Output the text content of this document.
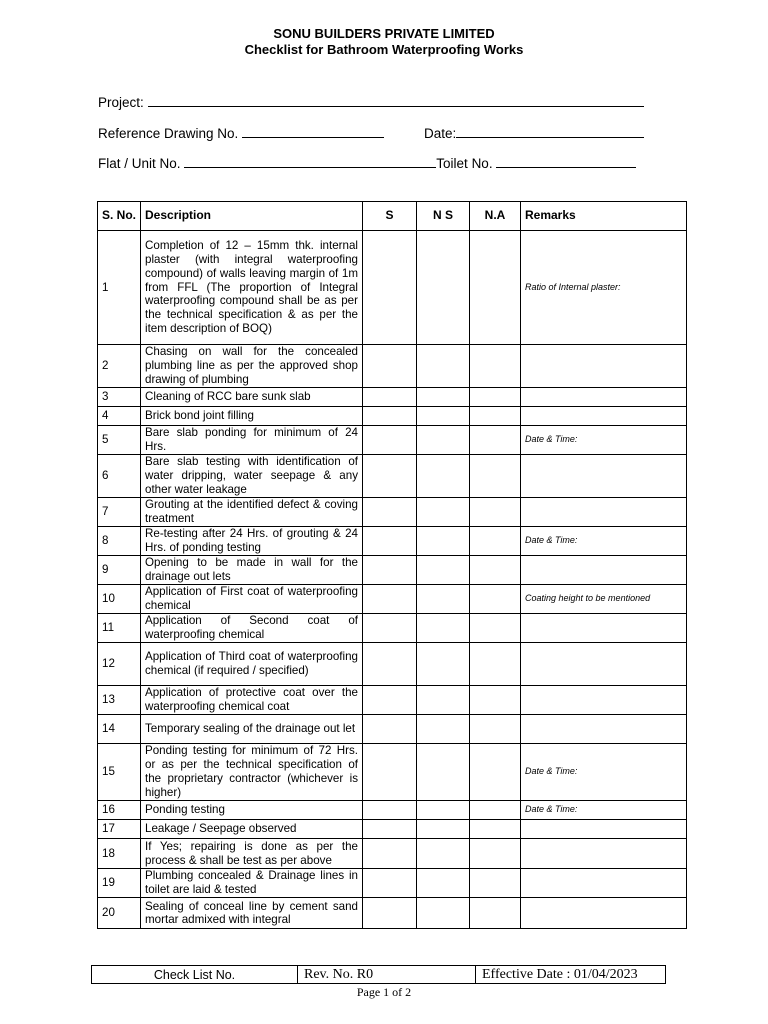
SONU BUILDERS PRIVATE LIMITED
Checklist for Bathroom Waterproofing Works
Project:
Reference Drawing No.	Date:
Flat / Unit No.	Toilet No.
S. No.	Description	S	N S	N.A	Remarks
1	Completion of 12 – 15mm thk. internal plaster (with integral waterproofing compound) of walls leaving margin of 1m from FFL (The proportion of Integral waterproofing compound shall be as per the technical specification & as per the item description of BOQ)				Ratio of Internal plaster:
2	Chasing on wall for the concealed plumbing line as per the approved shop drawing of plumbing				
3	Cleaning of RCC bare sunk slab				
4	Brick bond joint filling				
5	Bare slab ponding for minimum of 24 Hrs.				Date & Time:
6	Bare slab testing with identification of water dripping, water seepage & any other water leakage				
7	Grouting at the identified defect & coving treatment				
8	Re-testing after 24 Hrs. of grouting & 24 Hrs. of ponding testing				Date & Time:
9	Opening to be made in wall for the drainage out lets				
10	Application of First coat of waterproofing chemical				Coating height to be mentioned
11	Application of Second coat of waterproofing chemical				
12	Application of Third coat of waterproofing chemical (if required / specified)				
13	Application of protective coat over the waterproofing chemical coat				
14	Temporary sealing of the drainage out let				
15	Ponding testing for minimum of 72 Hrs. or as per the technical specification of the proprietary contractor (whichever is higher)				Date & Time:
16	Ponding testing				Date & Time:
17	Leakage / Seepage observed				
18	If Yes; repairing is done as per the process & shall be test as per above				
19	Plumbing concealed & Drainage lines in toilet are laid & tested				
20	Sealing of conceal line by cement sand mortar admixed with integral				

Check List No.	Rev. No. R0	Effective Date : 01/04/2023
Page 1 of 2
